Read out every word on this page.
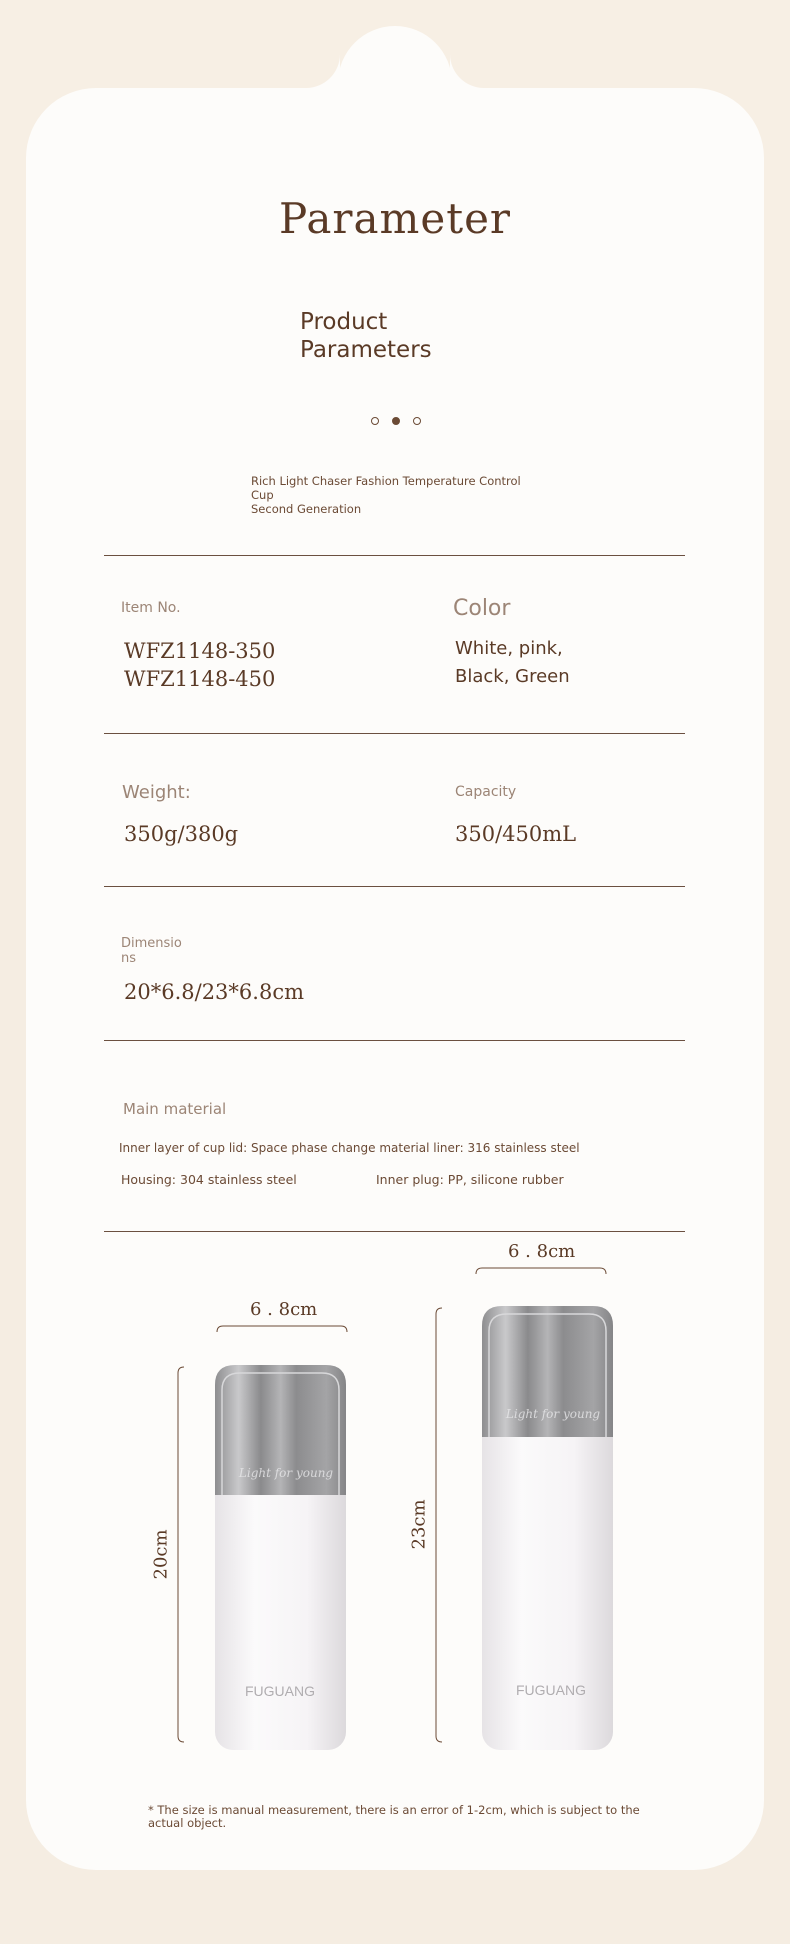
Parameter
Product
Parameters
Rich Light Chaser Fashion Temperature Control Cup
Second Generation
Item No.
WFZ1148-350
WFZ1148-450
Color
White, pink,
Black, Green
Weight:
350g/380g
Capacity
350/450mL
Dimensio
ns
20*6.8/23*6.8cm
Main material
Inner layer of cup lid: Space phase change material liner: 316 stainless steel
Housing: 304 stainless steel	Inner plug: PP, silicone rubber
Light for young
FUGUANG
Light for young
FUGUANG
6 . 8cm
6 . 8cm
20cm
23cm
* The size is manual measurement, there is an error of 1-2cm, which is subject to the
actual object.
